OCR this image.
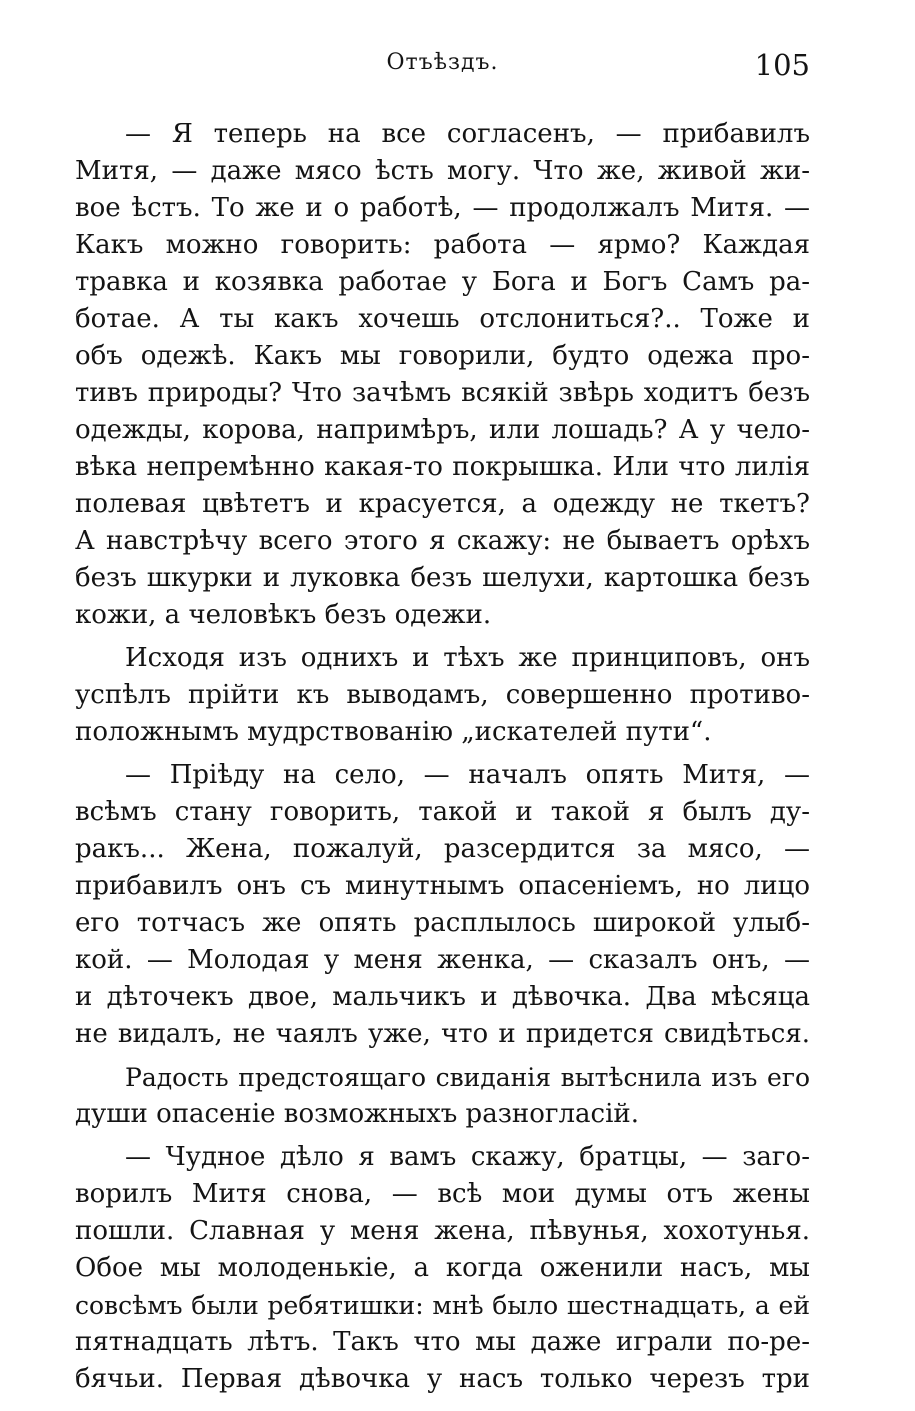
Отъѣздъ.	105
— Я теперь на все согласенъ, — прибавилъ
Митя, — даже мясо ѣсть могу. Что же, живой жи-
вое ѣстъ. То же и о работѣ, — продолжалъ Митя. —
Какъ можно говорить: работа — ярмо? Каждая
травка и козявка работае у Бога и Богъ Самъ ра-
ботае. А ты какъ хочешь отслониться?.. Тоже и
объ одежѣ. Какъ мы говорили, будто одежа про-
тивъ природы? Что зачѣмъ всякій звѣрь ходитъ безъ
одежды, корова, напримѣръ, или лошадь? А у чело-
вѣка непремѣнно какая-то покрышка. Или что лилія
полевая цвѣтетъ и красуется, а одежду не ткетъ?
А навстрѣчу всего этого я скажу: не бываетъ орѣхъ
безъ шкурки и луковка безъ шелухи, картошка безъ
кожи, а человѣкъ безъ одежи.
Исходя изъ однихъ и тѣхъ же принциповъ, онъ
успѣлъ прійти къ выводамъ, совершенно противо-
положнымъ мудрствованію „искателей пути“.
— Пріѣду на село, — началъ опять Митя, —
всѣмъ стану говорить, такой и такой я былъ ду-
ракъ... Жена, пожалуй, разсердится за мясо, —
прибавилъ онъ съ минутнымъ опасеніемъ, но лицо
его тотчасъ же опять расплылось широкой улыб-
кой. — Молодая у меня женка, — сказалъ онъ, —
и дѣточекъ двое, мальчикъ и дѣвочка. Два мѣсяца
не видалъ, не чаялъ уже, что и придется свидѣться.
Радость предстоящаго свиданія вытѣснила изъ его
души опасеніе возможныхъ разногласій.
— Чудное дѣло я вамъ скажу, братцы, — заго-
ворилъ Митя снова, — всѣ мои думы отъ жены
пошли. Славная у меня жена, пѣвунья, хохотунья.
Обое мы молоденькіе, а когда оженили насъ, мы
совсѣмъ были ребятишки: мнѣ было шестнадцать, а ей
пятнадцать лѣтъ. Такъ что мы даже играли по-ре-
бячьи. Первая дѣвочка у насъ только черезъ три
